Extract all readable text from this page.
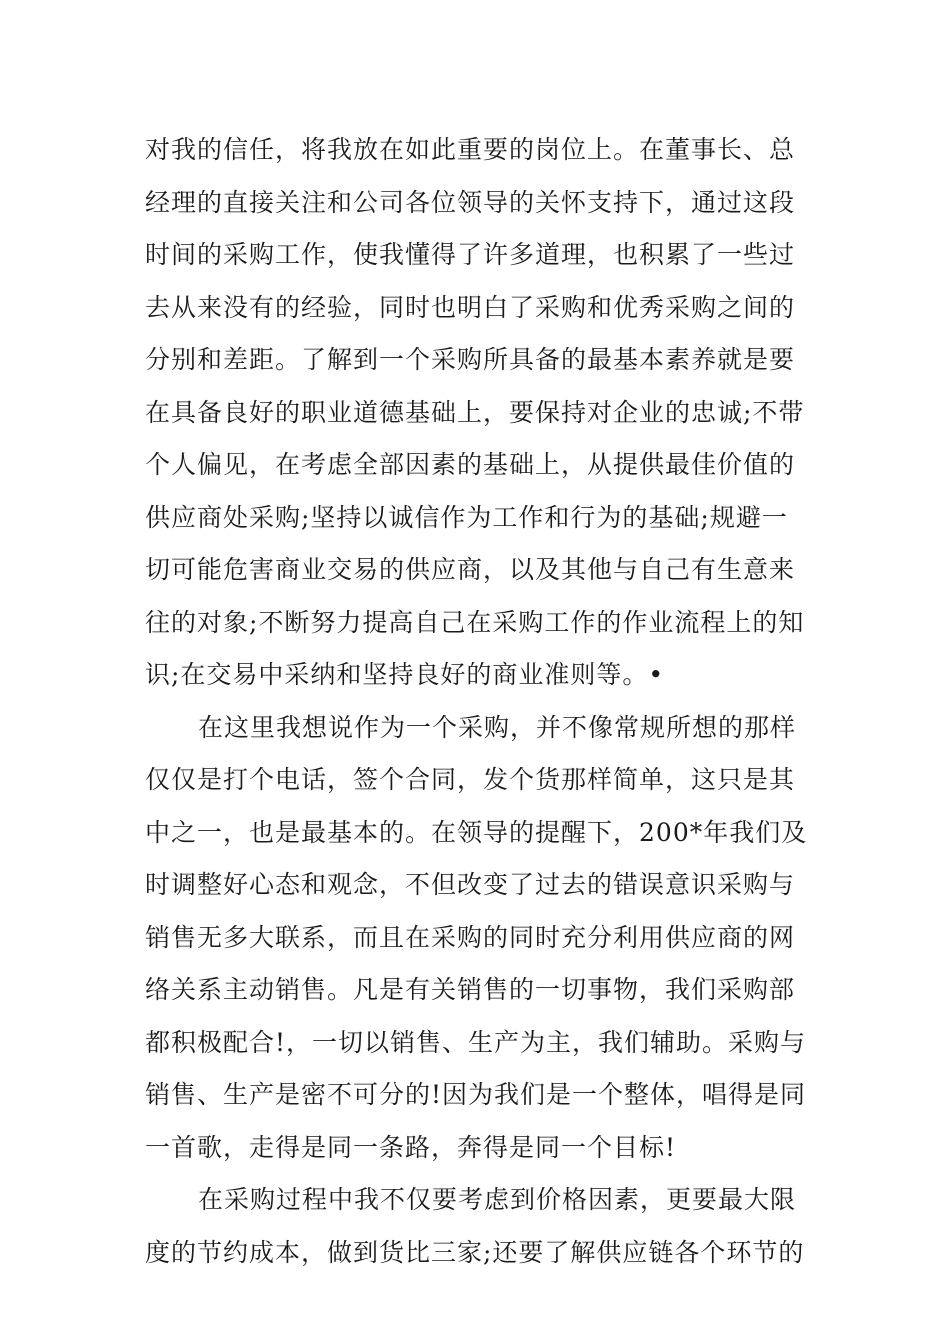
对我的信任，将我放在如此重要的岗位上。在董事长、总
经理的直接关注和公司各位领导的关怀支持下，通过这段
时间的采购工作，使我懂得了许多道理，也积累了一些过
去从来没有的经验，同时也明白了采购和优秀采购之间的
分别和差距。了解到一个采购所具备的最基本素养就是要
在具备良好的职业道德基础上，要保持对企业的忠诚;不带
个人偏见，在考虑全部因素的基础上，从提供最佳价值的
供应商处采购;坚持以诚信作为工作和行为的基础;规避一
切可能危害商业交易的供应商，以及其他与自己有生意来
往的对象;不断努力提高自己在采购工作的作业流程上的知
识;在交易中采纳和坚持良好的商业准则等。•
在这里我想说作为一个采购，并不像常规所想的那样
仅仅是打个电话，签个合同，发个货那样简单，这只是其
中之一，也是最基本的。在领导的提醒下，200*年我们及
时调整好心态和观念，不但改变了过去的错误意识采购与
销售无多大联系，而且在采购的同时充分利用供应商的网
络关系主动销售。凡是有关销售的一切事物，我们采购部
都积极配合!，一切以销售、生产为主，我们辅助。采购与
销售、生产是密不可分的!因为我们是一个整体，唱得是同
一首歌，走得是同一条路，奔得是同一个目标!
在采购过程中我不仅要考虑到价格因素，更要最大限
度的节约成本，做到货比三家;还要了解供应链各个环节的
